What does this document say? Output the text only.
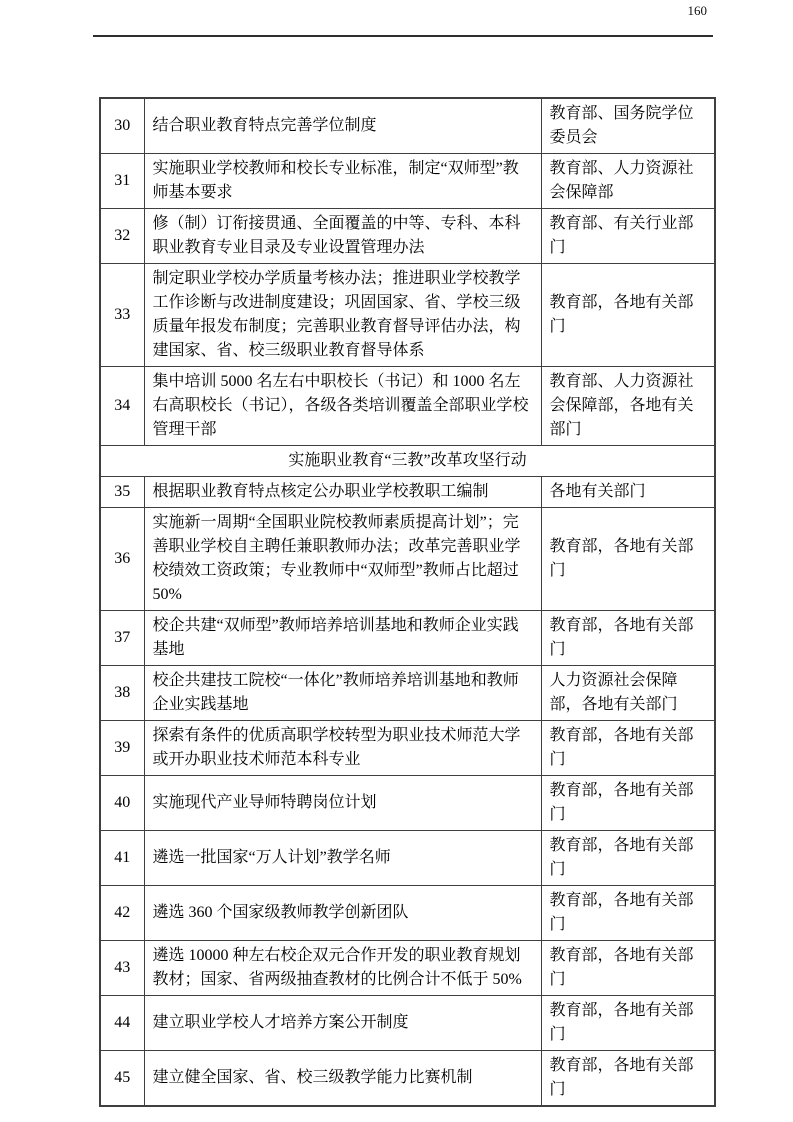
160
30	结合职业教育特点完善学位制度	教育部、国务院学位委员会
31	实施职业学校教师和校长专业标准，制定“双师型”教师基本要求	教育部、人力资源社会保障部
32	修（制）订衔接贯通、全面覆盖的中等、专科、本科职业教育专业目录及专业设置管理办法	教育部、有关行业部门
33	制定职业学校办学质量考核办法；推进职业学校教学工作诊断与改进制度建设；巩固国家、省、学校三级质量年报发布制度；完善职业教育督导评估办法，构建国家、省、校三级职业教育督导体系	教育部，各地有关部门
34	集中培训 5000 名左右中职校长（书记）和 1000 名左右高职校长（书记），各级各类培训覆盖全部职业学校管理干部	教育部、人力资源社会保障部，各地有关部门
实施职业教育“三教”改革攻坚行动		
35	根据职业教育特点核定公办职业学校教职工编制	各地有关部门
36	实施新一周期“全国职业院校教师素质提高计划”；完善职业学校自主聘任兼职教师办法；改革完善职业学校绩效工资政策；专业教师中“双师型”教师占比超过 50%	教育部，各地有关部门
37	校企共建“双师型”教师培养培训基地和教师企业实践基地	教育部，各地有关部门
38	校企共建技工院校“一体化”教师培养培训基地和教师企业实践基地	人力资源社会保障部，各地有关部门
39	探索有条件的优质高职学校转型为职业技术师范大学或开办职业技术师范本科专业	教育部，各地有关部门
40	实施现代产业导师特聘岗位计划	教育部，各地有关部门
41	遴选一批国家“万人计划”教学名师	教育部，各地有关部门
42	遴选 360 个国家级教师教学创新团队	教育部，各地有关部门
43	遴选 10000 种左右校企双元合作开发的职业教育规划教材；国家、省两级抽查教材的比例合计不低于 50%	教育部，各地有关部门
44	建立职业学校人才培养方案公开制度	教育部，各地有关部门
45	建立健全国家、省、校三级教学能力比赛机制	教育部，各地有关部门
